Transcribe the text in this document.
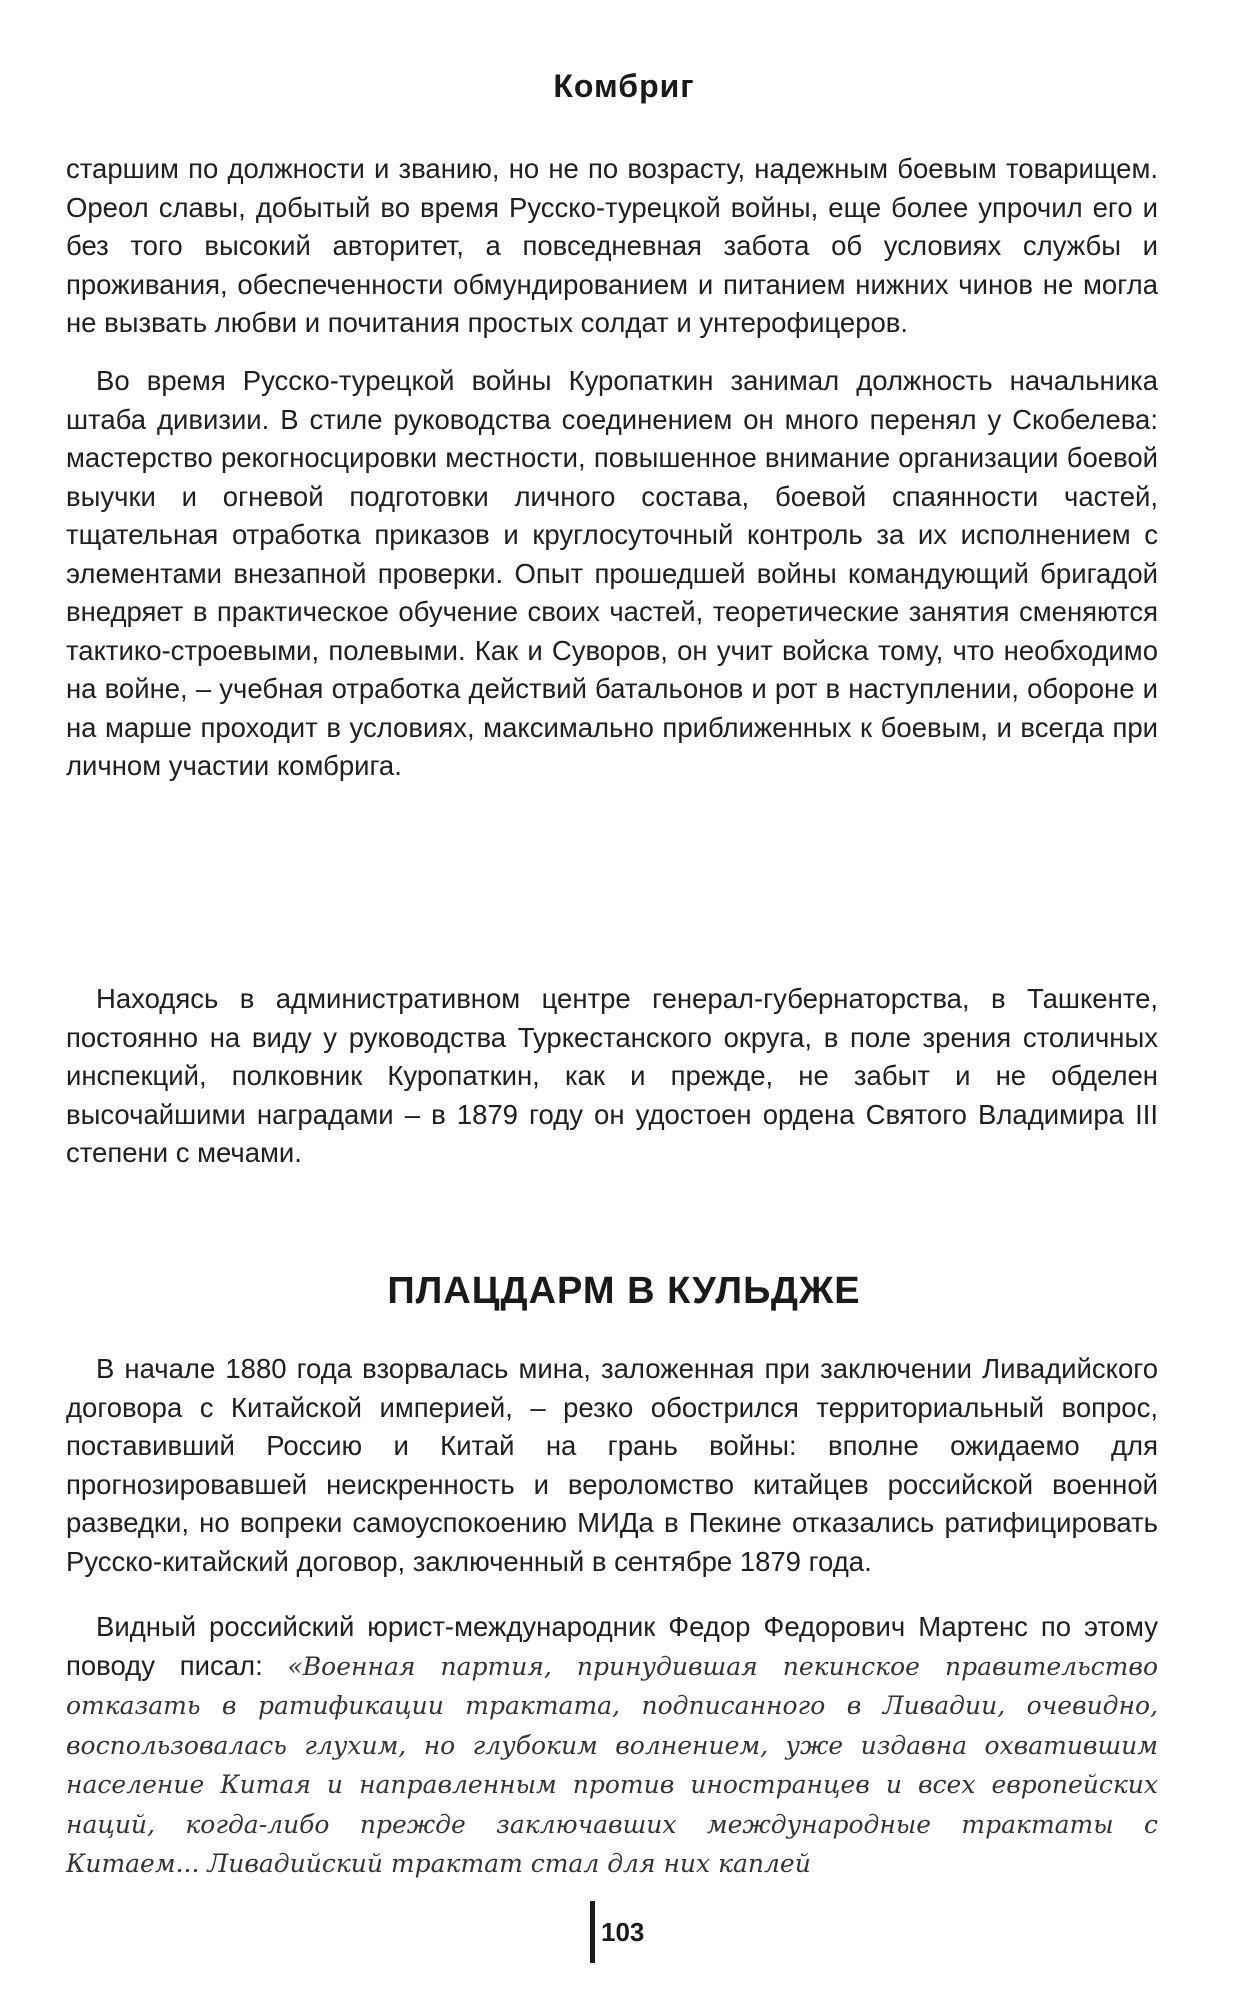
Комбриг

старшим по должности и званию, но не по возрасту, надежным боевым товарищем. Ореол славы, добытый во время Русско-турецкой войны, еще более упрочил его и без того высокий авторитет, а повседневная забота об условиях службы и проживания, обеспеченности обмундированием и питанием нижних чинов не могла не вызвать любви и почитания простых солдат и унтерофицеров.

Во время Русско-турецкой войны Куропаткин занимал должность начальника штаба дивизии. В стиле руководства соединением он много перенял у Скобелева: мастерство рекогносцировки местности, повышенное внимание организации боевой выучки и огневой подготовки личного состава, боевой спаянности частей, тщательная отработка приказов и круглосуточный контроль за их исполнением с элементами внезапной проверки. Опыт прошедшей войны командующий бригадой внедряет в практическое обучение своих частей, теоретические занятия сменяются тактико-строевыми, полевыми. Как и Суворов, он учит войска тому, что необходимо на войне, – учебная отработка действий батальонов и рот в наступлении, обороне и на марше проходит в условиях, максимально приближенных к боевым, и всегда при личном участии комбрига.

Находясь в административном центре генерал-губернаторства, в Ташкенте, постоянно на виду у руководства Туркестанского округа, в поле зрения столичных инспекций, полковник Куропаткин, как и прежде, не забыт и не обделен высочайшими наградами – в 1879 году он удостоен ордена Святого Владимира III степени с мечами.

ПЛАЦДАРМ В КУЛЬДЖЕ

В начале 1880 года взорвалась мина, заложенная при заключении Ливадийского договора с Китайской империей, – резко обострился территориальный вопрос, поставивший Россию и Китай на грань войны: вполне ожидаемо для прогнозировавшей неискренность и вероломство китайцев российской военной разведки, но вопреки самоуспокоению МИДа в Пекине отказались ратифицировать Русско-китайский договор, заключенный в сентябре 1879 года.

Видный российский юрист-международник Федор Федорович Мартенс по этому поводу писал: «Военная партия, принудившая пекинское правительство отказать в ратификации трактата, подписанного в Ливадии, очевидно, воспользовалась глухим, но глубоким волнением, уже издавна охватившим население Китая и направленным против иностранцев и всех европейских наций, когда-либо прежде заключавших международные трактаты с Китаем... Ливадийский трактат стал для них каплей

103
